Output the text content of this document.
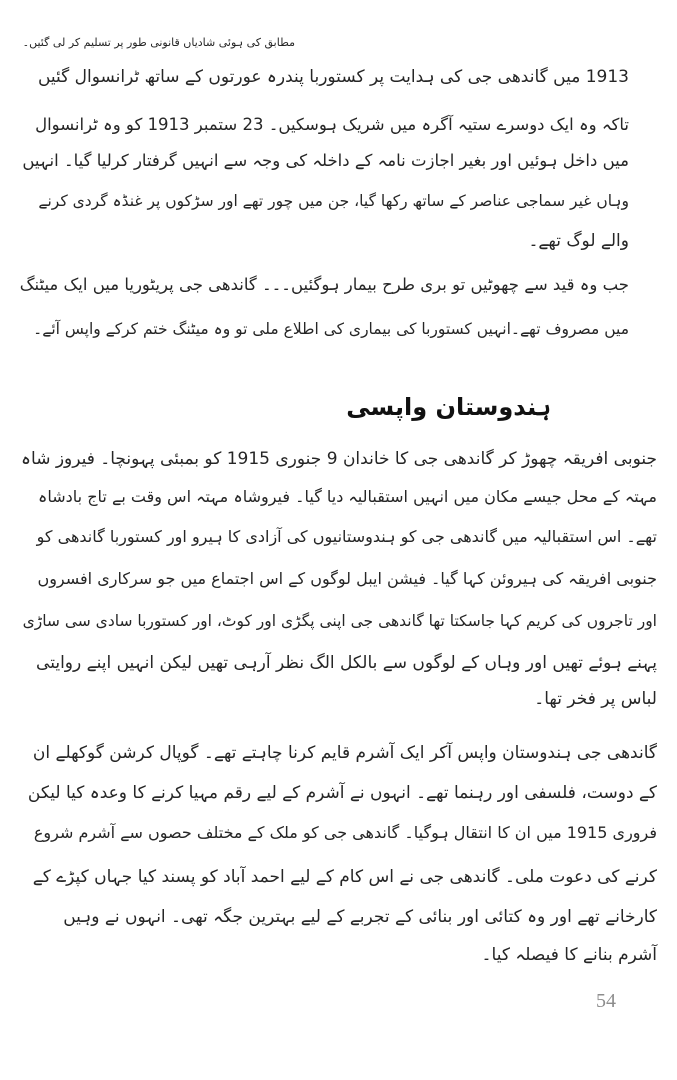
مطابق کی ہوئی شادیاں قانونی طور پر تسلیم کر لی گئیں۔
1913 میں گاندھی جی کی ہدایت پر کستوربا پندرہ عورتوں کے ساتھ ٹرانسوال گئیں
تاکہ وہ ایک دوسرے ستیہ آگرہ میں شریک ہوسکیں۔ 23 ستمبر 1913 کو وہ ٹرانسوال
میں داخل ہوئیں اور بغیر اجازت نامہ کے داخلہ کی وجہ سے انہیں گرفتار کرلیا گیا۔ انہیں
وہاں غیر سماجی عناصر کے ساتھ رکھا گیا، جن میں چور تھے اور سڑکوں پر غنڈہ گردی کرنے
والے لوگ تھے۔
جب وہ قید سے چھوٹیں تو بری طرح بیمار ہوگئیں۔۔۔ گاندھی جی پریٹوریا میں ایک میٹنگ
میں مصروف تھے۔انہیں کستوربا کی بیماری کی اطلاع ملی تو وہ میٹنگ ختم کرکے واپس آئے۔
ہندوستان واپسی
جنوبی افریقہ چھوڑ کر گاندھی جی کا خاندان 9 جنوری 1915 کو بمبئی پہونچا۔ فیروز شاہ
مہتہ کے محل جیسے مکان میں انہیں استقبالیہ دیا گیا۔ فیروشاہ مہتہ اس وقت بے تاج بادشاہ
تھے۔ اس استقبالیہ میں گاندھی جی کو ہندوستانیوں کی آزادی کا ہیرو اور کستوربا گاندھی کو
جنوبی افریقہ کی ہیروئن کہا گیا۔ فیشن ایبل لوگوں کے اس اجتماع میں جو سرکاری افسروں
اور تاجروں کی کریم کہا جاسکتا تھا گاندھی جی اپنی پگڑی اور کوٹ، اور کستوربا سادی سی ساڑی
پہنے ہوئے تھیں اور وہاں کے لوگوں سے بالکل الگ نظر آرہی تھیں لیکن انہیں اپنے روایتی
لباس پر فخر تھا۔
گاندھی جی ہندوستان واپس آکر ایک آشرم قایم کرنا چاہتے تھے۔ گوپال کرشن گوکھلے ان
کے دوست، فلسفی اور رہنما تھے۔ انہوں نے آشرم کے لیے رقم مہیا کرنے کا وعدہ کیا لیکن
فروری 1915 میں ان کا انتقال ہوگیا۔ گاندھی جی کو ملک کے مختلف حصوں سے آشرم شروع
کرنے کی دعوت ملی۔ گاندھی جی نے اس کام کے لیے احمد آباد کو پسند کیا جہاں کپڑے کے
کارخانے تھے اور وہ کتائی اور بنائی کے تجربے کے لیے بہترین جگہ تھی۔ انہوں نے وہیں
آشرم بنانے کا فیصلہ کیا۔
54
